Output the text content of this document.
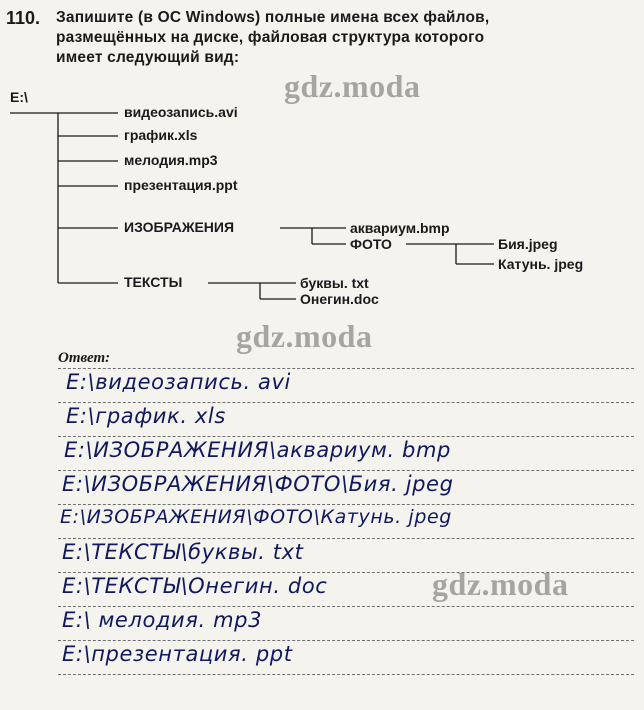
110. Запишите (в ОС Windows) полные имена всех файлов,
размещённых на диске, файловая структура которого
имеет следующий вид:
E:\
видеозапись.avi
график.xls
мелодия.mp3
презентация.ppt
ИЗОБРАЖЕНИЯ
ТЕКСТЫ
аквариум.bmp
ФОТО	Бия.jpeg
Катунь. jpeg
буквы. txt
Онегин.doc
gdz.moda
gdz.moda
gdz.moda
Ответ:
E:\видеозапись. avi
E:\график. xls
E:\ИЗОБРАЖЕНИЯ\аквариум. bmp
E:\ИЗОБРАЖЕНИЯ\ФОТО\Бия. jpeg
E:\ИЗОБРАЖЕНИЯ\ФОТО\Катунь. jpeg
E:\ТЕКСТЫ\буквы. txt
E:\ТЕКСТЫ\Онегин. doc
E:\ мелодия. mp3
E:\презентация. ppt
